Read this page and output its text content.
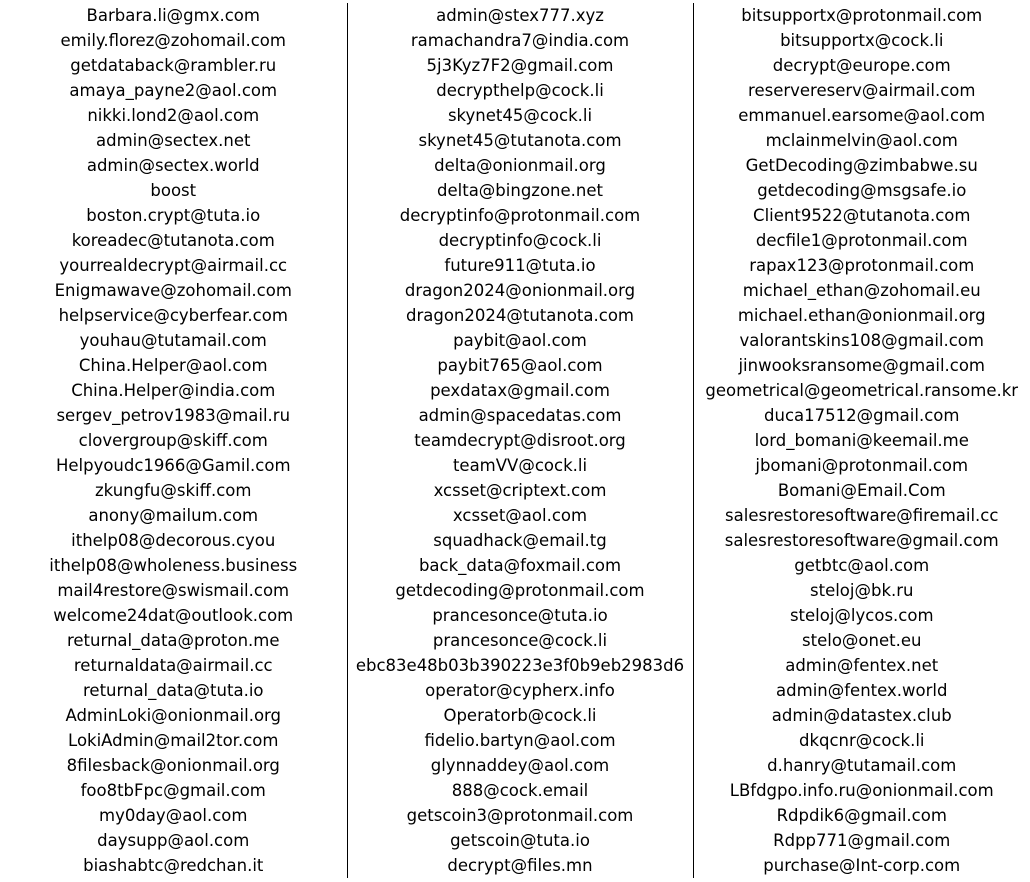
Barbara.li@gmx.com	admin@stex777.xyz	bitsupportx@protonmail.com
emily.florez@zohomail.com	ramachandra7@india.com	bitsupportx@cock.li
getdataback@rambler.ru	5j3Kyz7F2@gmail.com	decrypt@europe.com
amaya_payne2@aol.com	decrypthelp@cock.li	reservereserv@airmail.com
nikki.lond2@aol.com	skynet45@cock.li	emmanuel.earsome@aol.com
admin@sectex.net	skynet45@tutanota.com	mclainmelvin@aol.com
admin@sectex.world	delta@onionmail.org	GetDecoding@zimbabwe.su
boost	delta@bingzone.net	getdecoding@msgsafe.io
boston.crypt@tuta.io	decryptinfo@protonmail.com	Client9522@tutanota.com
koreadec@tutanota.com	decryptinfo@cock.li	decfile1@protonmail.com
yourrealdecrypt@airmail.cc	future911@tuta.io	rapax123@protonmail.com
Enigmawave@zohomail.com	dragon2024@onionmail.org	michael_ethan@zohomail.eu
helpservice@cyberfear.com	dragon2024@tutanota.com	michael.ethan@onionmail.org
youhau@tutamail.com	paybit@aol.com	valorantskins108@gmail.com
China.Helper@aol.com	paybit765@aol.com	jinwooksransome@gmail.com
China.Helper@india.com	pexdatax@gmail.com	geometrical@geometrical.ransome.kr
sergev_petrov1983@mail.ru	admin@spacedatas.com	duca17512@gmail.com
clovergroup@skiff.com	teamdecrypt@disroot.org	lord_bomani@keemail.me
Helpyoudc1966@Gamil.com	teamVV@cock.li	jbomani@protonmail.com
zkungfu@skiff.com	xcsset@criptext.com	Bomani@Email.Com
anony@mailum.com	xcsset@aol.com	salesrestoresoftware@firemail.cc
ithelp08@decorous.cyou	squadhack@email.tg	salesrestoresoftware@gmail.com
ithelp08@wholeness.business	back_data@foxmail.com	getbtc@aol.com
mail4restore@swismail.com	getdecoding@protonmail.com	steloj@bk.ru
welcome24dat@outlook.com	prancesonce@tuta.io	steloj@lycos.com
returnal_data@proton.me	prancesonce@cock.li	stelo@onet.eu
returnaldata@airmail.cc	ebc83e48b03b390223e3f0b9eb2983d6	admin@fentex.net
returnal_data@tuta.io	operator@cypherx.info	admin@fentex.world
AdminLoki@onionmail.org	Operatorb@cock.li	admin@datastex.club
LokiAdmin@mail2tor.com	fidelio.bartyn@aol.com	dkqcnr@cock.li
8filesback@onionmail.org	glynnaddey@aol.com	d.hanry@tutamail.com
foo8tbFpc@gmail.com	888@cock.email	LBfdgpo.info.ru@onionmail.com
my0day@aol.com	getscoin3@protonmail.com	Rdpdik6@gmail.com
daysupp@aol.com	getscoin@tuta.io	Rdpp771@gmail.com
biashabtc@redchan.it	decrypt@files.mn	purchase@Int-corp.com
